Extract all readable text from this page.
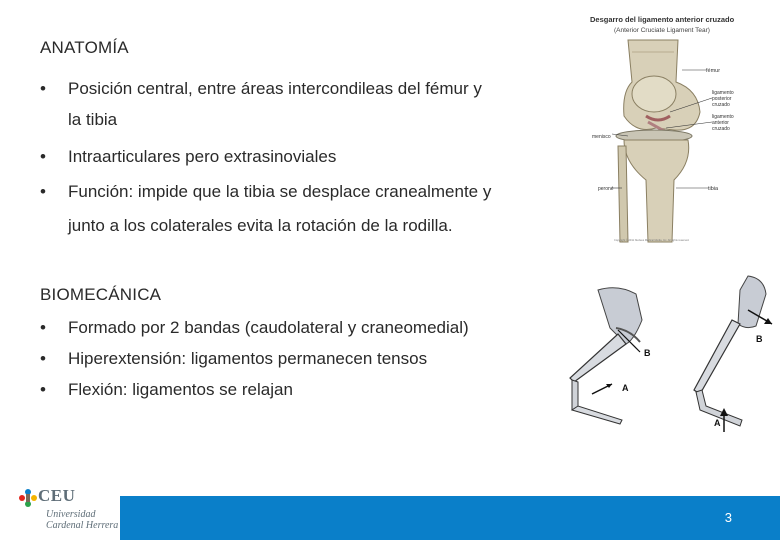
ANATOMÍA
•	Posición central, entre áreas intercondileas del fémur y
la tibia
•	Intraarticulares pero extrasinoviales
•	Función: impide que la tibia se desplace cranealmente y
junto a los colaterales evita la rotación de la rodilla.
BIOMECÁNICA
•	Formado por 2 bandas (caudolateral y craneomedial)
•	Hiperextensión: ligamentos permanecen tensos
•	Flexión: ligamentos se relajan
Desgarro del ligamento anterior cruzado
(Anterior Cruciate Ligament Tear)
fémur
ligamento posterior cruzado
ligamento anterior cruzado
menisco
peroné	tibia
Copyright © 2011 Nucleus Medical Media, Inc. All rights reserved.
B
A
B
A
CEU
Universidad
Cardenal Herrera
3
